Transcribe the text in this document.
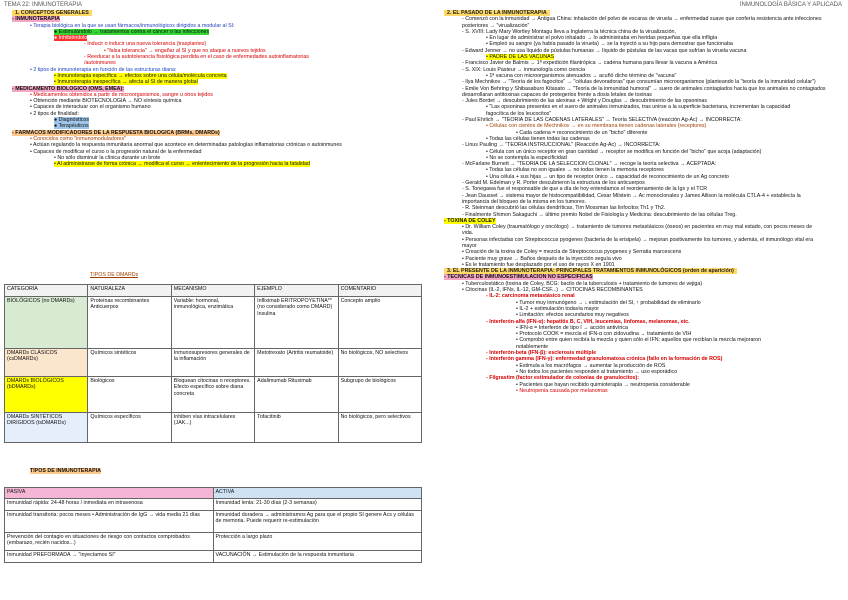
TEMA 22: INMUNOTERAPIA	INMUNOLOGÍA BÁSICA Y APLICADA
1. CONCEPTOS GENERALES
- INMUNOTERAPIA
• Terapia biológica en la que se usan fármacos/inmunológicos dirigidos a modular al SI:
● Estimulándolo → tratamientos contra el cáncer o las infecciones
● Inhibiéndolo
- Inducir o inducir una nueva tolerancia (trasplantes)
• "falsa tolerancia" → engañar al SI y que no ataque a nuevos tejidos
- Reeducar a la autotolerancia fisiológica perdida en el caso de enfermedades autoinflamatorias /autoinmunes
• 2 tipos de inmunoterapia en función de las estructuras diana:
• Inmunoterapia específica → efectos sobre una célula/molécula concreta
• Inmunoterapia inespecífica → afecta al SI de manera global
- MEDICAMENTO BIOLÓGICO (OMS, EMEA):
• Medicamentos obtenidos a partir de microorganismos, sangre u otros tejidos
• Obtención mediante BIOTECNOLOGÍA → NO síntesis química
• Capaces de interactuar con el organismo humano
• 2 tipos de finalidad:
● Diagnósticos
● Terapéuticos
- FÁRMACOS MODIFICADORES DE LA RESPUESTA BIOLÓGICA (BRMs, DMARDs)
• Conocidos como "inmunomoduladores"
• Actúan regulando la respuesta inmunitaria anormal que acontece en determinadas patologías inflamatorias crónicas o autoinmunes
• Capaces de modificar el curso o la progresión natural de la enfermedad
• No sólo disminuir la clínica durante un brote
• Al administrarse de forma crónica → modifica el curso → enlentecimiento de la progresión hacia la fatalidad
TIPOS DE DMARDs
CATEGORÍA	NATURALEZA	MECANISMO	EJEMPLO	COMENTARIO
BIOLÓGICOS (no DMARDs)	Proteínas recombinantes Anticuerpos	Variable: hormonal, inmunológica, enzimática	Infliximab ERITROPOYETINA** (no considerado como DMARD) Insulina	Concepto amplio
DMARDs CLÁSICOS (csDMARDs)	Químicos sintéticos	Inmunosupresores generales de la inflamación	Metotrexato (Artritis reumatoide)	No biológicos, NO selectivos
DMARDs BIOLÓGICOS (bDMARDs)	Biológicos	Bloquean citocinas o receptores. Efecto específico sobre diana concreta	Adalimumab Rituximab	Subgrupo de biológicos
DMARDs SINTÉTICOS DIRIGIDOS (tsDMARDs)	Químicos específicos	Inhiben vías intracelulares (JAK...)	Tofacitinib	No biológicos, pero selectivos
TIPOS DE INMUNOTERAPIA
PASIVA	ACTIVA
Inmunidad rápida: 24-48 horas / inmediata en intravenosa	Inmunidad lenta: 21-30 días (2-3 semanas)
Inmunidad transitoria: pocos meses • Administración de IgG → vida media 21 días	Inmunidad duradera → administramos Ag para que el propio SI genere Acs y células de memoria. Puede requerir re-estimulación
Prevención del contagio en situaciones de riesgo con contactos comprobados (embarazo, recién nacidos...)	Protección a largo plazo
Inmunidad PREFORMADA → "inyectamos SI"	VACUNACIÓN → Estimulación de la respuesta inmunitaria
2. EL PASADO DE LA INMUNOTERAPIA
- Comenzó con la inmunidad → Antigua China: inhalación del polvo de escaras de viruela → enfermedad suave que confería resistencia ante infecciones posteriores → "virualización"
- S. XVIII: Lady Mary Wortley Montagu lleva a Inglaterra la técnica china de la virualización,
• En lugar de administrar el polvo inhalado → lo administraba en heridas pequeñas que ella infligía
• Empleó su sangre (ya había pasado la viruela) → se la inyectó a su hijo para demostrar que funcionaba
- Edward Jenner → no usa líquido de pústulas humanas → líquido de pústulas de las vacas que sufrían la viruela vacuna
• PADRE DE LAS VACUNAS
- Francisco Javier de Balmis → 1ª expedición filantrópica → cadena humana para llevar la vacuna a América
- S. XIX: Louis Pasteur → inmunología como ciencia
• 1ª vacuna con microorganismos atenuados → acuñó dicho término de "vacuna"
- Ilya Mechnikov → "Teoría de los fagocitos" → "células devoradoras" que consumían microorganismos (planteando la "teoría de la inmunidad celular")
- Emile Von Behring y Shibasaburo Kitasato → "Teoría de la inmunidad humoral" → suero de animales contagiados hacía que los animales no contagiados desarrollaran antitoxinas capaces de protegerlos frente a dosis letales de toxinas
- Jules Bordet → descubrimiento de las alexinas + Wright y Douglas → descubrimiento de las opsoninas
• "Las opsoninas presentes en el suero de animales inmunizados, tras unirse a la superficie bacteriana, incrementan la capacidad fagocítica de los leucocitos"
- Paul Ehrlich → "TEORÍA DE LAS CADENAS LATERALES" → Teoría SELECTIVA (reacción Ag-Ac) → INCORRECTA:
• Células con cientos de Mechnikov → en su membrana tienen cadenas laterales (receptores)
• Cada cadena = reconocimiento de un "bicho" diferente
• Todas las células tienen todas las cadenas
- Linus Pauling → "TEORÍA INSTRUCCIONAL" (Reacción Ag-Ac) → INCORRECTA:
• Célula con un único receptor en gran cantidad → receptor se modifica en función del "bicho" que acoja (adaptación)
• No se contempla la especificidad
- McFarlane Burnett → "TEORÍA DE LA SELECCIÓN CLONAL" → recoge la teoría selectiva → ACEPTADA:
• Todas las células no son iguales → no todas tienen la memoria receptores
• Una célula + sus hijas → un tipo de receptor único → capacidad de reconocimiento de un Ag concreto
- Gerald M. Edelman y R. Porter descubrieron la estructura de los anticuerpos
- S. Tonegawa fue el responsable de que a día de hoy entendamos el reordenamiento de la Igs y el TCR
- Jean Dausset → sistema mayor de histocompatibilidad, Cesar Milstein → Ac monoclonales y James Allison la molécula CTLA-4 + establecía la importancia del bloqueo de la misma en los tumores.
- R. Steinman descubrió las células dendríticas, Tim Mossman las linfocitos Th1 y Th2.
- Finalmente Shimon Sakaguchi → último premio Nobel de Fisiología y Medicina: descubrimiento de las células Treg.
- TOXINA DE COLEY
• Dr. William Coley (traumatólogo y oncólogo) → tratamiento de tumores metastásicos (óseos) en pacientes en muy mal estado, con pocos meses de vida.
• Personas infectadas con Streptococcus pyogenes (bacteria de la erisipela) → mejoran positivamente los tumores, y además, el inmunólogo vital era mayor
• Creación de la toxina de Coley = mezcla de Streptococcus pyogenes y Serratia marcescens
• Paciente muy grave → Baños después de la inyección seguía vivo
• Es le tratamiento fue desplazado por el uso de rayos X en 1901
3. EL PRESENTE DE LA INMUNOTERAPIA: PRINCIPALES TRATAMIENTOS INMUNOLÓGICOS (orden de aparición)
- TÉCNICAS DE INMUNOESTIMULACIÓN NO ESPECÍFICAS
• Tuberculostático (toxina de Coley, BCG: bacilo de la tuberculosis + tratamiento de tumores de vejiga)
• Citocinas (IL-2, IFNs, IL-12, GM-CSF...) → CITOCINAS RECOMBINANTES
- IL-2: carcinoma metastásico renal
• Tumor muy inmunógeno → ↓ estimulación del SI, ↑ probabilidad de eliminarlo
• IL-2 + estimulación todavía mayor
• Limitación: efectos secundarios muy negativos
- Interferón-alfa (IFN-α): hepatitis B, C, VIH, leucemias, linfomas, melanomas, etc.
• IFN-α = Interferón de tipo I → acción antivírica
• Protocolo COOK = mezcla el IFN-α con zidovudina → tratamiento de VIH
• Comprobó entre quien recibía la mezcla y quien sólo el IFN: aquellos que recibían la mezcla mejoraron notablemente
- Interferón-beta (IFN-β): esclerosis múltiple
- Interferón gamma (IFN-γ): enfermedad granulomatosa crónica (fallo en la formación de ROS)
• Estimula a los macrófagos → aumentar la producción de ROS
• No todos los pacientes responden al tratamiento → uso esporádico
- Filgrastim (factor estimulador de colonias de granulocitos):
• Pacientes que hayan recibido quimioterapia → neutropenia considerable
• Neutropenia causada por melanomas
